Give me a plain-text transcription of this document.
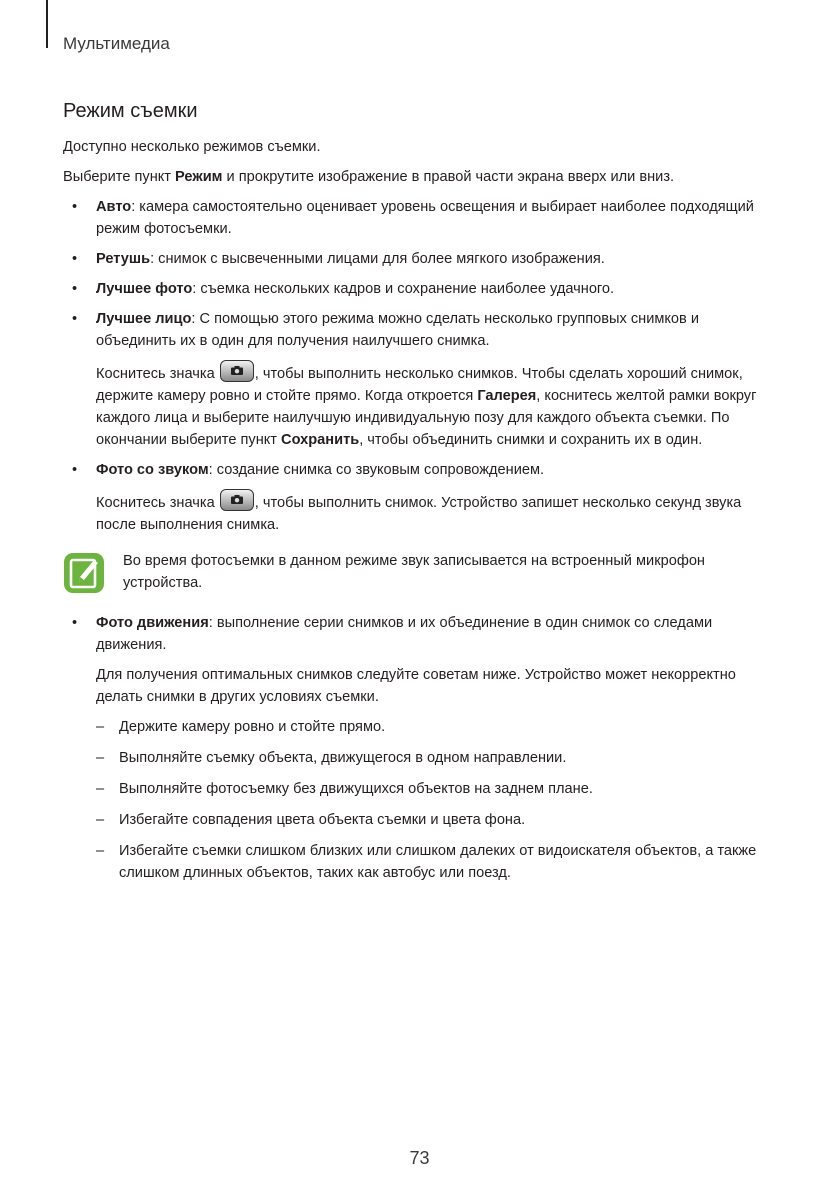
Мультимедиа
Режим съемки

Доступно несколько режимов съемки.

Выберите пункт Режим и прокрутите изображение в правой части экрана вверх или вниз.

• Авто: камера самостоятельно оценивает уровень освещения и выбирает наиболее подходящий режим фотосъемки.
• Ретушь: снимок с высвеченными лицами для более мягкого изображения.
• Лучшее фото: съемка нескольких кадров и сохранение наиболее удачного.
• Лучшее лицо: С помощью этого режима можно сделать несколько групповых снимков и объединить их в один для получения наилучшего снимка.

Коснитесь значка
, чтобы выполнить несколько снимков. Чтобы сделать хороший снимок, держите камеру ровно и стойте прямо. Когда откроется Галерея, коснитесь желтой рамки вокруг каждого лица и выберите наилучшую индивидуальную позу для каждого объекта съемки. По окончании выберите пункт Сохранить, чтобы объединить снимки и сохранить их в один.

• Фото со звуком: создание снимка со звуковым сопровождением.

Коснитесь значка
, чтобы выполнить снимок. Устройство запишет несколько секунд звука после выполнения снимка.

Во время фотосъемки в данном режиме звук записывается на встроенный микрофон устройства.
• Фото движения: выполнение серии снимков и их объединение в один снимок со следами движения.

Для получения оптимальных снимков следуйте советам ниже. Устройство может некорректно делать снимки в других условиях съемки.

– Держите камеру ровно и стойте прямо.
– Выполняйте съемку объекта, движущегося в одном направлении.
– Выполняйте фотосъемку без движущихся объектов на заднем плане.
– Избегайте совпадения цвета объекта съемки и цвета фона.
– Избегайте съемки слишком близких или слишком далеких от видоискателя объектов, а также слишком длинных объектов, таких как автобус или поезд.
73
